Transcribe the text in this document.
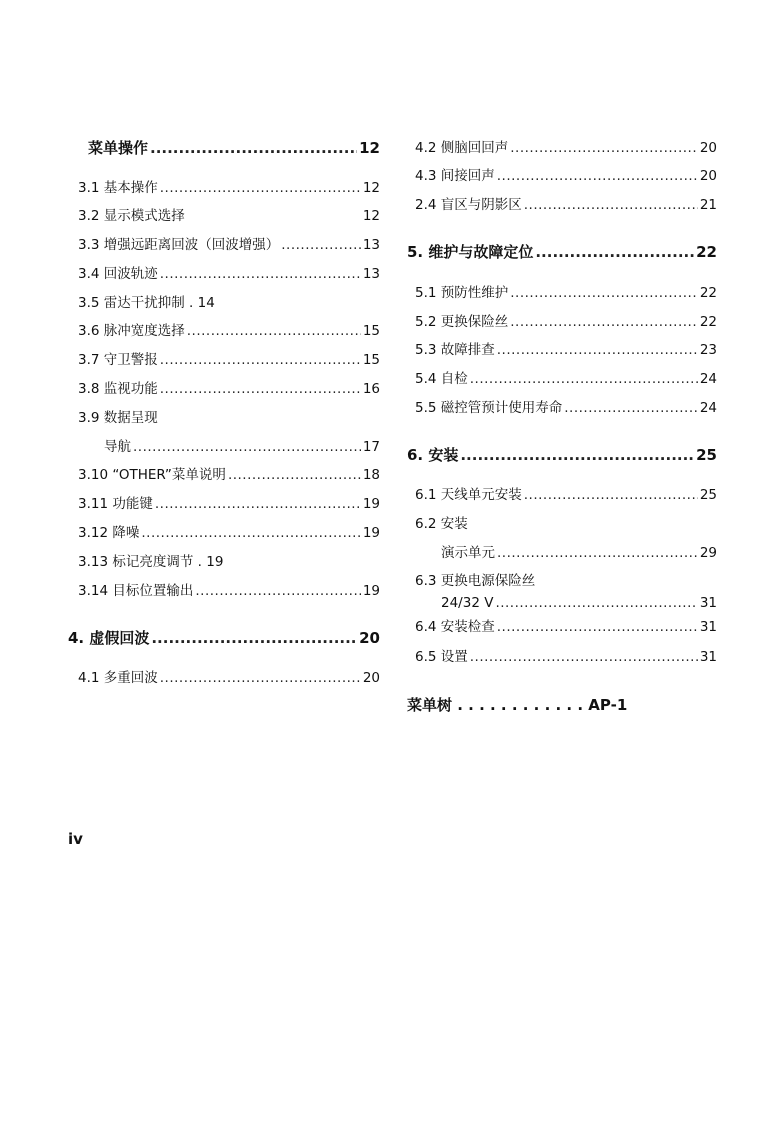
菜单操作 .....	12
3.1 基本操作 .....	12
3.2 显示模式选择	12
3.3 增强远距离回波（回波增强） .....	13
3.4 回波轨迹 .....	13
3.5 雷达干扰抑制 . 14
3.6 脉冲宽度选择 .....	15
3.7 守卫警报 .....	15
3.8 监视功能 .....	16
3.9 数据呈现
导航 .....	17
3.10 “OTHER”菜单说明 .....	18
3.11 功能键 .....	19
3.12 降噪 .....	19
3.13 标记亮度调节 . 19
3.14 目标位置输出 .....	19
4. 虚假回波 .....	20
4.1 多重回波 .....	20
4.2 侧脑回回声 .....	20
4.3 间接回声 .....	20
2.4 盲区与阴影区 .....	21
5. 维护与故障定位 .....	22
5.1 预防性维护 .....	22
5.2 更换保险丝 .....	22
5.3 故障排查 .....	23
5.4 自检 .....	24
5.5 磁控管预计使用寿命 .....	24
6. 安装 .....	25
6.1 天线单元安装 .....	25
6.2 安装
演示单元 .....	29
6.3 更换电源保险丝
24/32 V .....	31
6.4 安装检查 .....	31
6.5 设置 .....	31
菜单树 . . . . . . . . . . . . AP-1
iv
